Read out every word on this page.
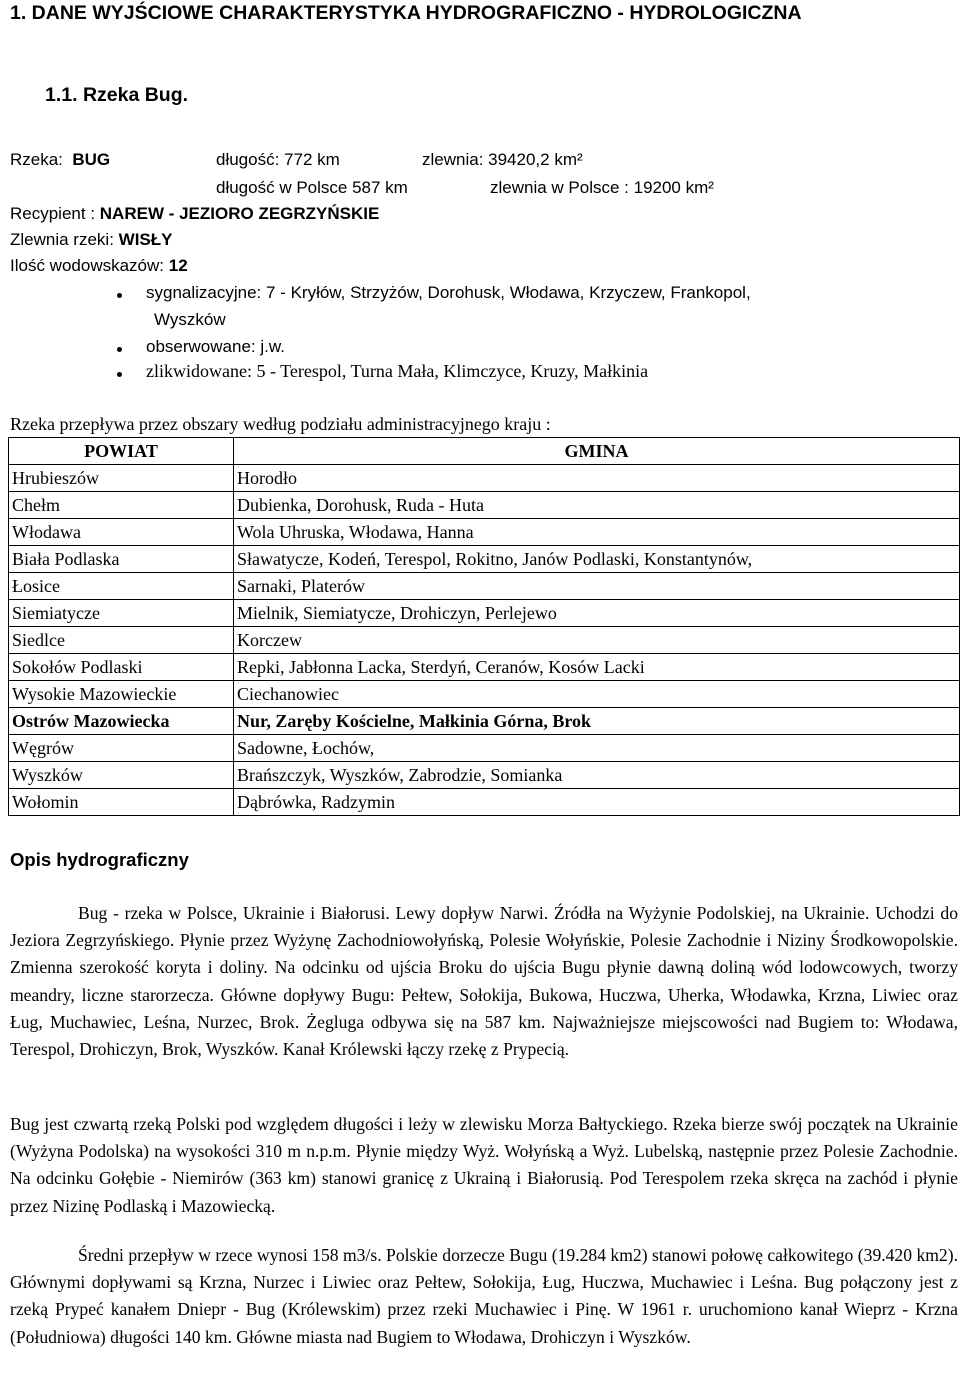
1. DANE WYJŚCIOWE CHARAKTERYSTYKA HYDROGRAFICZNO - HYDROLOGICZNA
1.1. Rzeka Bug.
Rzeka: BUG	długość: 772 km	zlewnia: 39420,2 km²
długość w Polsce 587 km	zlewnia w Polsce : 19200 km²
Recypient : NAREW - JEZIORO ZEGRZYŃSKIE
Zlewnia rzeki: WISŁY
Ilość wodowskazów: 12
sygnalizacyjne: 7 - Kryłów, Strzyżów, Dorohusk, Włodawa, Krzyczew, Frankopol,
Wyszków
obserwowane: j.w.
zlikwidowane: 5 - Terespol, Turna Mała, Klimczyce, Kruzy, Małkinia
Rzeka przepływa przez obszary według podziału administracyjnego kraju :
POWIAT	GMINA
Hrubieszów	Horodło
Chełm	Dubienka, Dorohusk, Ruda - Huta
Włodawa	Wola Uhruska, Włodawa, Hanna
Biała Podlaska	Sławatycze, Kodeń, Terespol, Rokitno, Janów Podlaski, Konstantynów,
Łosice	Sarnaki, Platerów
Siemiatycze	Mielnik, Siemiatycze, Drohiczyn, Perlejewo
Siedlce	Korczew
Sokołów Podlaski	Repki, Jabłonna Lacka, Sterdyń, Ceranów, Kosów Lacki
Wysokie Mazowieckie	Ciechanowiec
Ostrów Mazowiecka	Nur, Zaręby Kościelne, Małkinia Górna, Brok
Węgrów	Sadowne, Łochów,
Wyszków	Brańszczyk, Wyszków, Zabrodzie, Somianka
Wołomin	Dąbrówka, Radzymin
Opis hydrograficzny

Bug - rzeka w Polsce, Ukrainie i Białorusi. Lewy dopływ Narwi. Źródła na Wyżynie Podolskiej, na Ukrainie. Uchodzi do Jeziora Zegrzyńskiego. Płynie przez Wyżynę Zachodniowołyńską, Polesie Wołyńskie, Polesie Zachodnie i Niziny Środkowopolskie. Zmienna szerokość koryta i doliny. Na odcinku od ujścia Broku do ujścia Bugu płynie dawną doliną wód lodowcowych, tworzy meandry, liczne starorzecza. Główne dopływy Bugu: Pełtew, Sołokija, Bukowa, Huczwa, Uherka, Włodawka, Krzna, Liwiec oraz Ług, Muchawiec, Leśna, Nurzec, Brok. Żegluga odbywa się na 587 km. Najważniejsze miejscowości nad Bugiem to: Włodawa, Terespol, Drohiczyn, Brok, Wyszków. Kanał Królewski łączy rzekę z Prypecią.

Bug jest czwartą rzeką Polski pod względem długości i leży w zlewisku Morza Bałtyckiego. Rzeka bierze swój początek na Ukrainie (Wyżyna Podolska) na wysokości 310 m n.p.m. Płynie między Wyż. Wołyńską a Wyż. Lubelską, następnie przez Polesie Zachodnie. Na odcinku Gołębie - Niemirów (363 km) stanowi granicę z Ukrainą i Białorusią. Pod Terespolem rzeka skręca na zachód i płynie przez Nizinę Podlaską i Mazowiecką.

Średni przepływ w rzece wynosi 158 m3/s. Polskie dorzecze Bugu (19.284 km2) stanowi połowę całkowitego (39.420 km2). Głównymi dopływami są Krzna, Nurzec i Liwiec oraz Pełtew, Sołokija, Ług, Huczwa, Muchawiec i Leśna. Bug połączony jest z rzeką Prypeć kanałem Dniepr - Bug (Królewskim) przez rzeki Muchawiec i Pinę. W 1961 r. uruchomiono kanał Wieprz - Krzna (Południowa) długości 140 km. Główne miasta nad Bugiem to Włodawa, Drohiczyn i Wyszków.
